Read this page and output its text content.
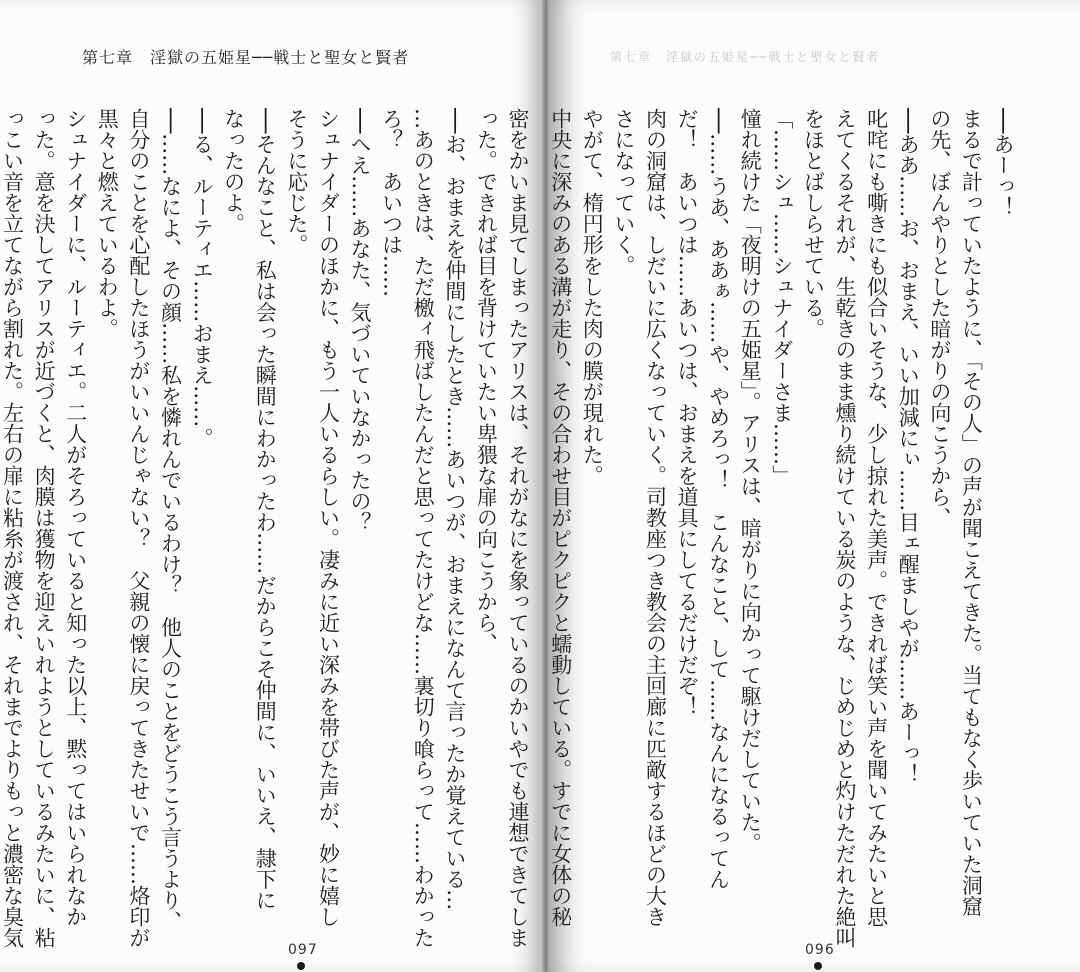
第七章　淫獄の五姫星──戦士と聖女と賢者	第七章　淫獄の五姫星──戦士と聖女と賢者
密をかいま見てしまったアリスは、それがなにを象っているのかいやでも連想できてしま
った。できれば目を背けていたい卑猥な扉の向こうから、
──お、おまえを仲間にしたとき……あいつが、おまえになんて言ったか覚えている…
…あのときは、ただ檄ィ飛ばしたんだと思ってたけどな……裏切り喰らって……わかった
ろ？　あいつは……
──へえ……あなた、気づいていなかったの？
シュナイダーのほかに、もう一人いるらしい。凄みに近い深みを帯びた声が、妙に嬉し
そうに応じた。
──そんなこと、私は会った瞬間にわかったわ……だからこそ仲間に、いいえ、隷下に
なったのよ。
──る、ルーティエ……おまえ……。
──……なによ、その顔……私を憐れんでいるわけ？　他人のことをどうこう言うより、
自分のことを心配したほうがいいんじゃない？　父親の懐に戻ってきたせいで……烙印が
黒々と燃えているわよ。
シュナイダーに、ルーティエ。二人がそろっていると知った以上、黙ってはいられなか
った。意を決してアリスが近づくと、肉膜は獲物を迎えいれようとしているみたいに、粘
っこい音を立てながら割れた。左右の扉に粘糸が渡され、それまでよりもっと濃密な臭気	──あーっ！
まるで計っていたように、「その人」の声が聞こえてきた。当てもなく歩いていた洞窟
の先、ぼんやりとした暗がりの向こうから、
──ああ……お、おまえ、いい加減にぃ……目ェ醒ましやが……あーっ！
叱咤にも嘶きにも似合いそうな、少し掠れた美声。できれば笑い声を聞いてみたいと思
えてくるそれが、生乾きのまま燻り続けている炭のような、じめじめと灼けただれた絶叫
をほとばしらせている。
「……シュ……シュナイダーさま……」
憧れ続けた「夜明けの五姫星」。アリスは、暗がりに向かって駆けだしていた。
──……うあ、ああぁ……や、やめろっ！　こんなこと、して……なんになるってん
だ！　あいつは……あいつは、おまえを道具にしてるだけだぞ！
肉の洞窟は、しだいに広くなっていく。司教座つき教会の主回廊に匹敵するほどの大き
さになっていく。
やがて、楕円形をした肉の膜が現れた。
中央に深みのある溝が走り、その合わせ目がピクピクと蠕動している。すでに女体の秘
097	096
